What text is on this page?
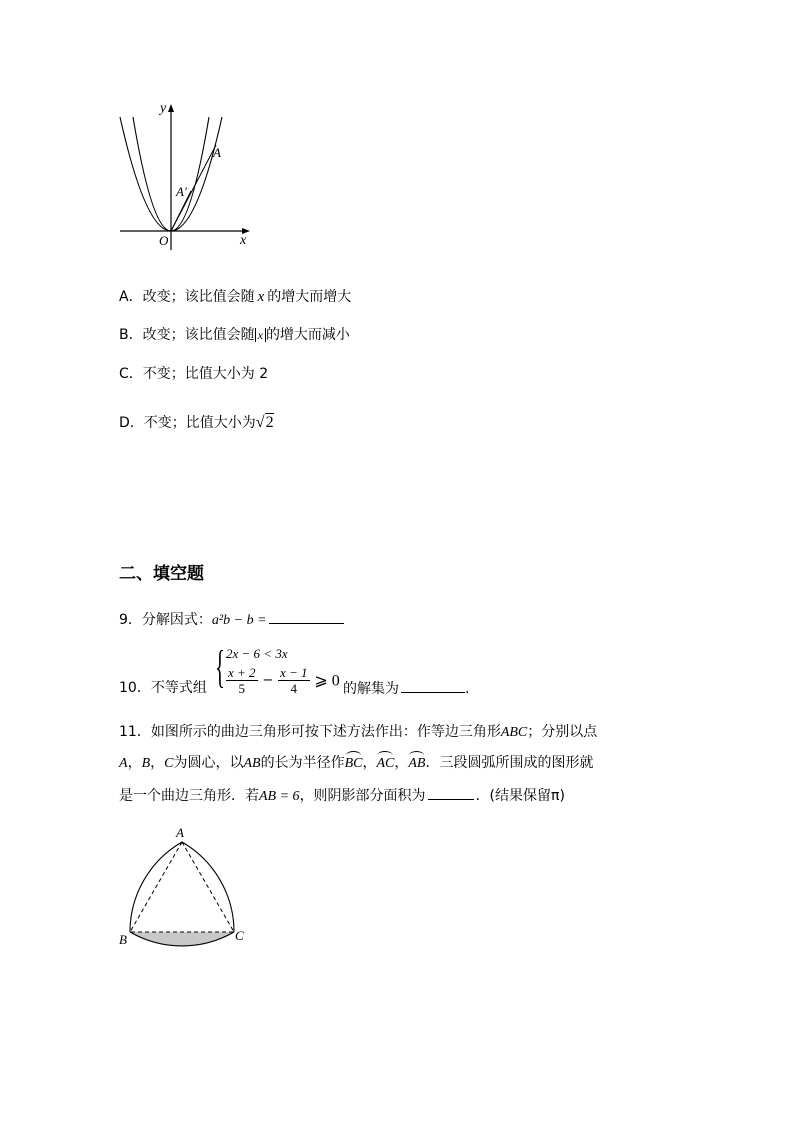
y
x
O
A
A'
A．改变；该比值会随 x 的增大而增大
B．改变；该比值会随 x 的增大而减小
C．不变；比值大小为 2
D．不变；比值大小为√2
二、填空题
9．分解因式：a²b − b =
10．不等式组 { 2x − 6 < 3x
$\frac{x + 2}{5} - \frac{x - 1}{4}$ ⩾ 0 的解集为	.
11．如图所示的曲边三角形可按下述方法作出：作等边三角形ABC；分别以点
A，B，C为圆心，以AB的长为半径作BC，AC，AB．三段圆弧所围成的图形就
是一个曲边三角形．若AB = 6，则阴影部分面积为	．(结果保留π)
A
B	C
